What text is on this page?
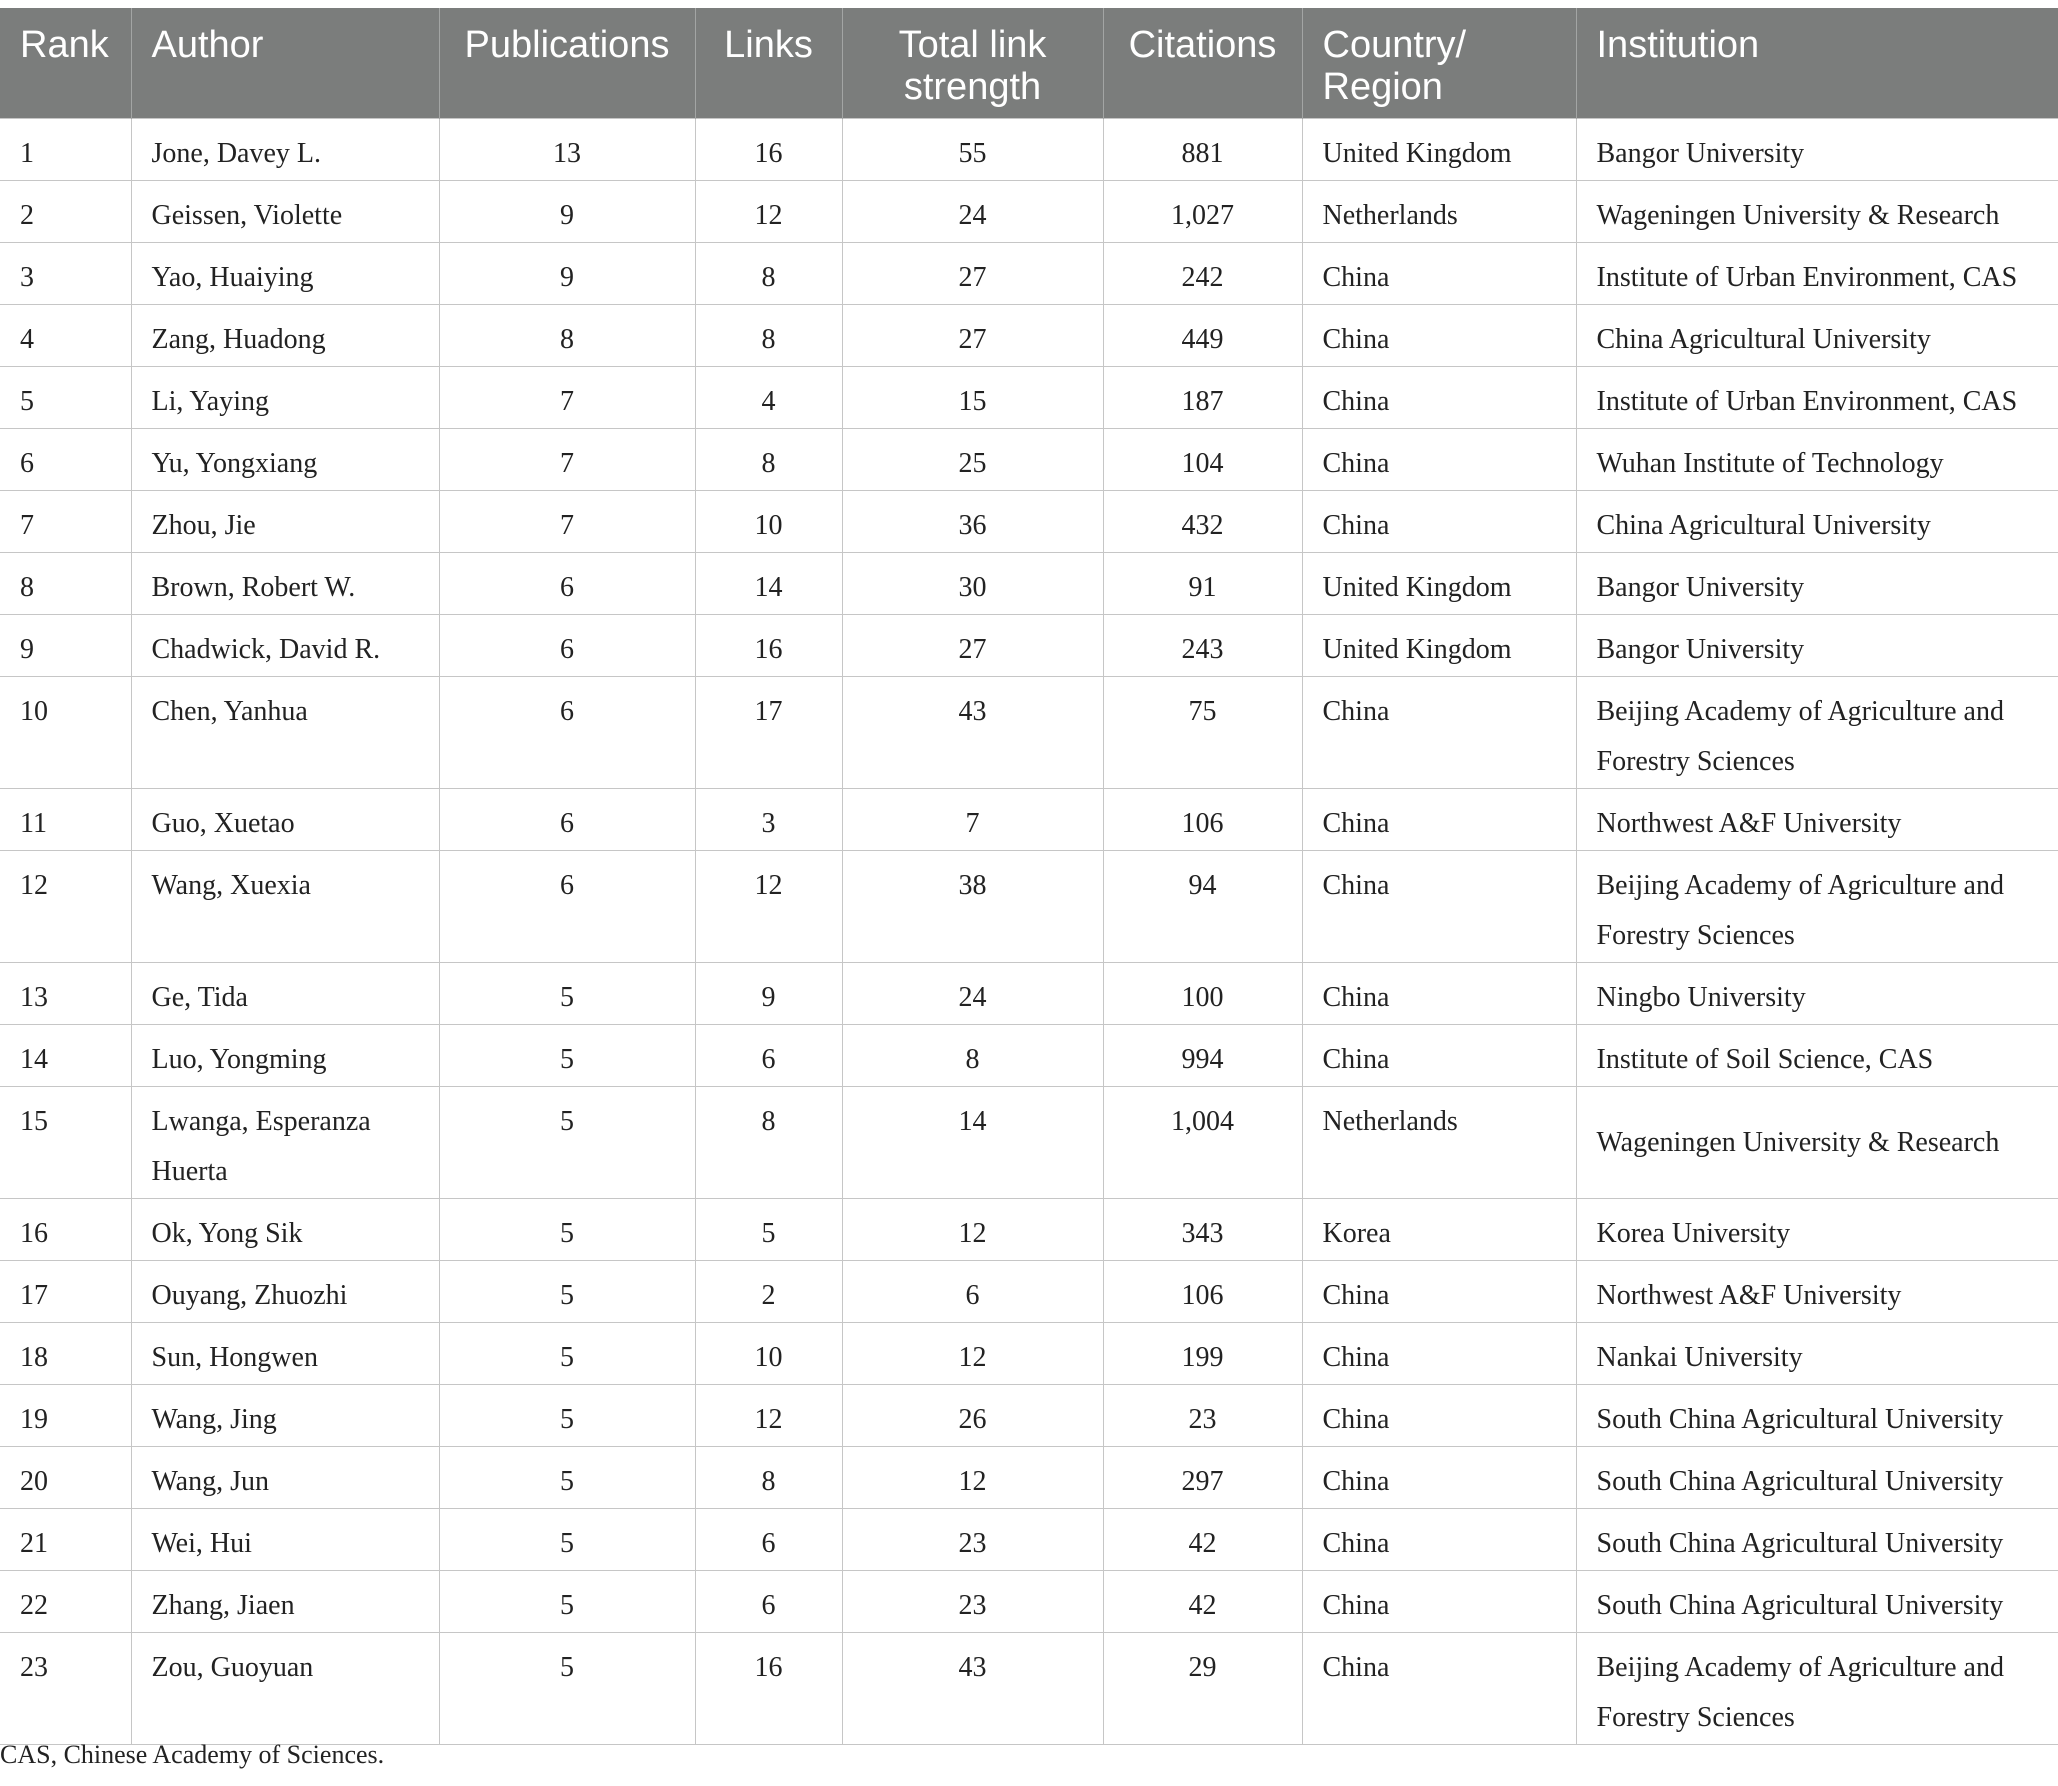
Rank	Author	Publications	Links	Total link strength	Citations	Country/ Region	Institution
1	Jone, Davey L.	13	16	55	881	United Kingdom	Bangor University
2	Geissen, Violette	9	12	24	1,027	Netherlands	Wageningen University & Research
3	Yao, Huaiying	9	8	27	242	China	Institute of Urban Environment, CAS
4	Zang, Huadong	8	8	27	449	China	China Agricultural University
5	Li, Yaying	7	4	15	187	China	Institute of Urban Environment, CAS
6	Yu, Yongxiang	7	8	25	104	China	Wuhan Institute of Technology
7	Zhou, Jie	7	10	36	432	China	China Agricultural University
8	Brown, Robert W.	6	14	30	91	United Kingdom	Bangor University
9	Chadwick, David R.	6	16	27	243	United Kingdom	Bangor University
10	Chen, Yanhua	6	17	43	75	China	Beijing Academy of Agriculture and Forestry Sciences
11	Guo, Xuetao	6	3	7	106	China	Northwest A&F University
12	Wang, Xuexia	6	12	38	94	China	Beijing Academy of Agriculture and Forestry Sciences
13	Ge, Tida	5	9	24	100	China	Ningbo University
14	Luo, Yongming	5	6	8	994	China	Institute of Soil Science, CAS
15	Lwanga, Esperanza Huerta	5	8	14	1,004	Netherlands	Wageningen University & Research
16	Ok, Yong Sik	5	5	12	343	Korea	Korea University
17	Ouyang, Zhuozhi	5	2	6	106	China	Northwest A&F University
18	Sun, Hongwen	5	10	12	199	China	Nankai University
19	Wang, Jing	5	12	26	23	China	South China Agricultural University
20	Wang, Jun	5	8	12	297	China	South China Agricultural University
21	Wei, Hui	5	6	23	42	China	South China Agricultural University
22	Zhang, Jiaen	5	6	23	42	China	South China Agricultural University
23	Zou, Guoyuan	5	16	43	29	China	Beijing Academy of Agriculture and Forestry Sciences
CAS, Chinese Academy of Sciences.
